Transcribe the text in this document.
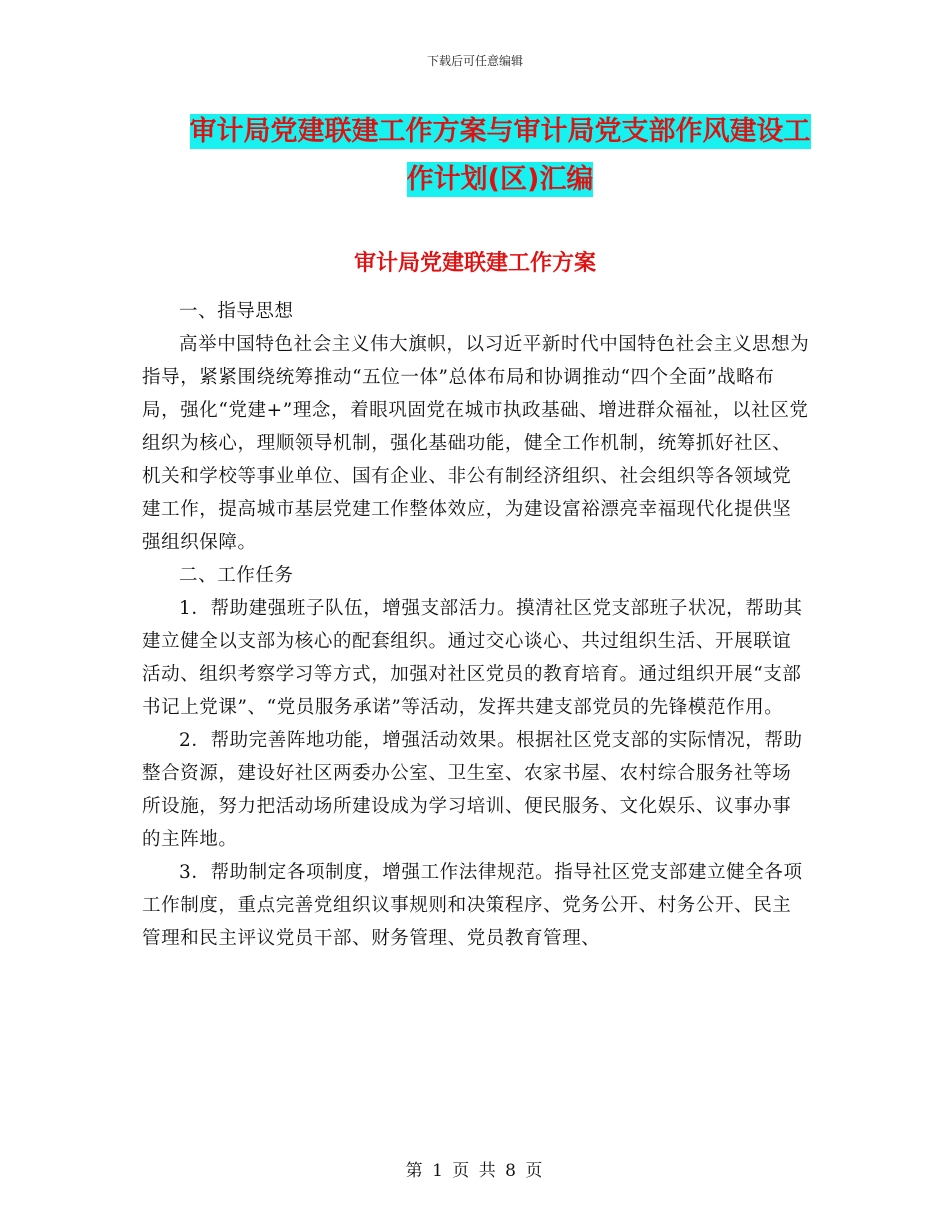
下载后可任意编辑
审计局党建联建工作方案与审计局党支部作风建设工
作计划(区)汇编
审计局党建联建工作方案

一、指导思想

高举中国特色社会主义伟大旗帜，以习近平新时代中国特色社会主义思想为指导，紧紧围绕统筹推动“五位一体”总体布局和协调推动“四个全面”战略布局，强化“党建+”理念，着眼巩固党在城市执政基础、增进群众福祉，以社区党组织为核心，理顺领导机制，强化基础功能，健全工作机制，统筹抓好社区、机关和学校等事业单位、国有企业、非公有制经济组织、社会组织等各领域党建工作，提高城市基层党建工作整体效应，为建设富裕漂亮幸福现代化提供坚强组织保障。

二、工作任务

1．帮助建强班子队伍，增强支部活力。摸清社区党支部班子状况，帮助其建立健全以支部为核心的配套组织。通过交心谈心、共过组织生活、开展联谊活动、组织考察学习等方式，加强对社区党员的教育培育。通过组织开展“支部书记上党课”、“党员服务承诺”等活动，发挥共建支部党员的先锋模范作用。

2．帮助完善阵地功能，增强活动效果。根据社区党支部的实际情况，帮助整合资源，建设好社区两委办公室、卫生室、农家书屋、农村综合服务社等场所设施，努力把活动场所建设成为学习培训、便民服务、文化娱乐、议事办事的主阵地。

3．帮助制定各项制度，增强工作法律规范。指导社区党支部建立健全各项工作制度，重点完善党组织议事规则和决策程序、党务公开、村务公开、民主管理和民主评议党员干部、财务管理、党员教育管理、

第 1 页 共 8 页
